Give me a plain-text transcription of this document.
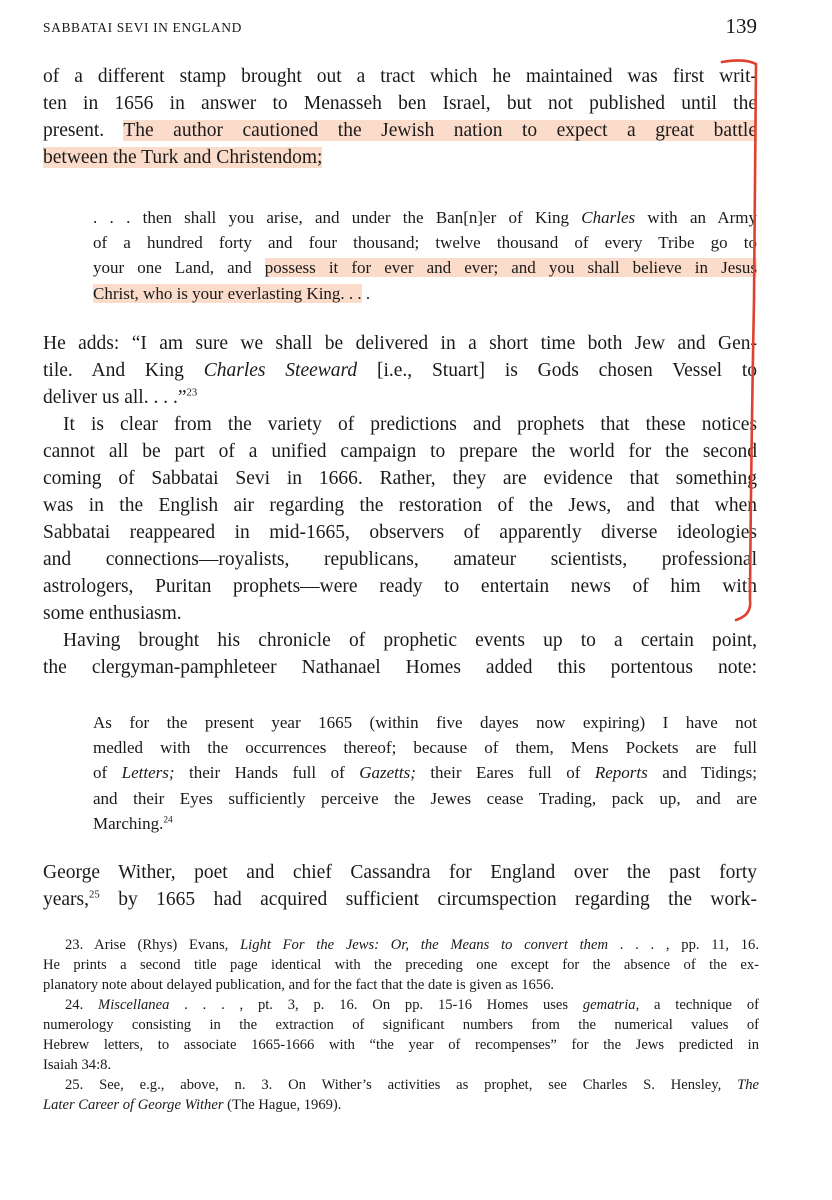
SABBATAI SEVI IN ENGLAND	139
of a different stamp brought out a tract which he maintained was first writ-
ten in 1656 in answer to Menasseh ben Israel, but not published until the
present. The author cautioned the Jewish nation to expect a great battle
between the Turk and Christendom;
. . . then shall you arise, and under the Ban[n]er of King Charles with an Army
of a hundred forty and four thousand; twelve thousand of every Tribe go to
your one Land, and possess it for ever and ever; and you shall believe in Jesus
Christ, who is your everlasting King. . . .
He adds: “I am sure we shall be delivered in a short time both Jew and Gen-
tile. And King Charles Steeward [i.e., Stuart] is Gods chosen Vessel to
deliver us all. . . .”$^{23}$
It is clear from the variety of predictions and prophets that these notices
cannot all be part of a unified campaign to prepare the world for the second
coming of Sabbatai Sevi in 1666. Rather, they are evidence that something
was in the English air regarding the restoration of the Jews, and that when
Sabbatai reappeared in mid-1665, observers of apparently diverse ideologies
and connections—royalists, republicans, amateur scientists, professional
astrologers, Puritan prophets—were ready to entertain news of him with
some enthusiasm.
Having brought his chronicle of prophetic events up to a certain point,
the clergyman-pamphleteer Nathanael Homes added this portentous note:
As for the present year 1665 (within five dayes now expiring) I have not
medled with the occurrences thereof; because of them, Mens Pockets are full
of Letters; their Hands full of Gazetts; their Eares full of Reports and Tidings;
and their Eyes sufficiently perceive the Jewes cease Trading, pack up, and are
Marching.$^{24}$
George Wither, poet and chief Cassandra for England over the past forty
years,$^{25}$ by 1665 had acquired sufficient circumspection regarding the work-
23. Arise (Rhys) Evans, Light For the Jews: Or, the Means to convert them . . . , pp. 11, 16.
He prints a second title page identical with the preceding one except for the absence of the ex-
planatory note about delayed publication, and for the fact that the date is given as 1656.
24. Miscellanea . . . , pt. 3, p. 16. On pp. 15-16 Homes uses gematria, a technique of
numerology consisting in the extraction of significant numbers from the numerical values of
Hebrew letters, to associate 1665-1666 with “the year of recompenses” for the Jews predicted in
Isaiah 34:8.
25. See, e.g., above, n. 3. On Wither’s activities as prophet, see Charles S. Hensley, The
Later Career of George Wither (The Hague, 1969).
